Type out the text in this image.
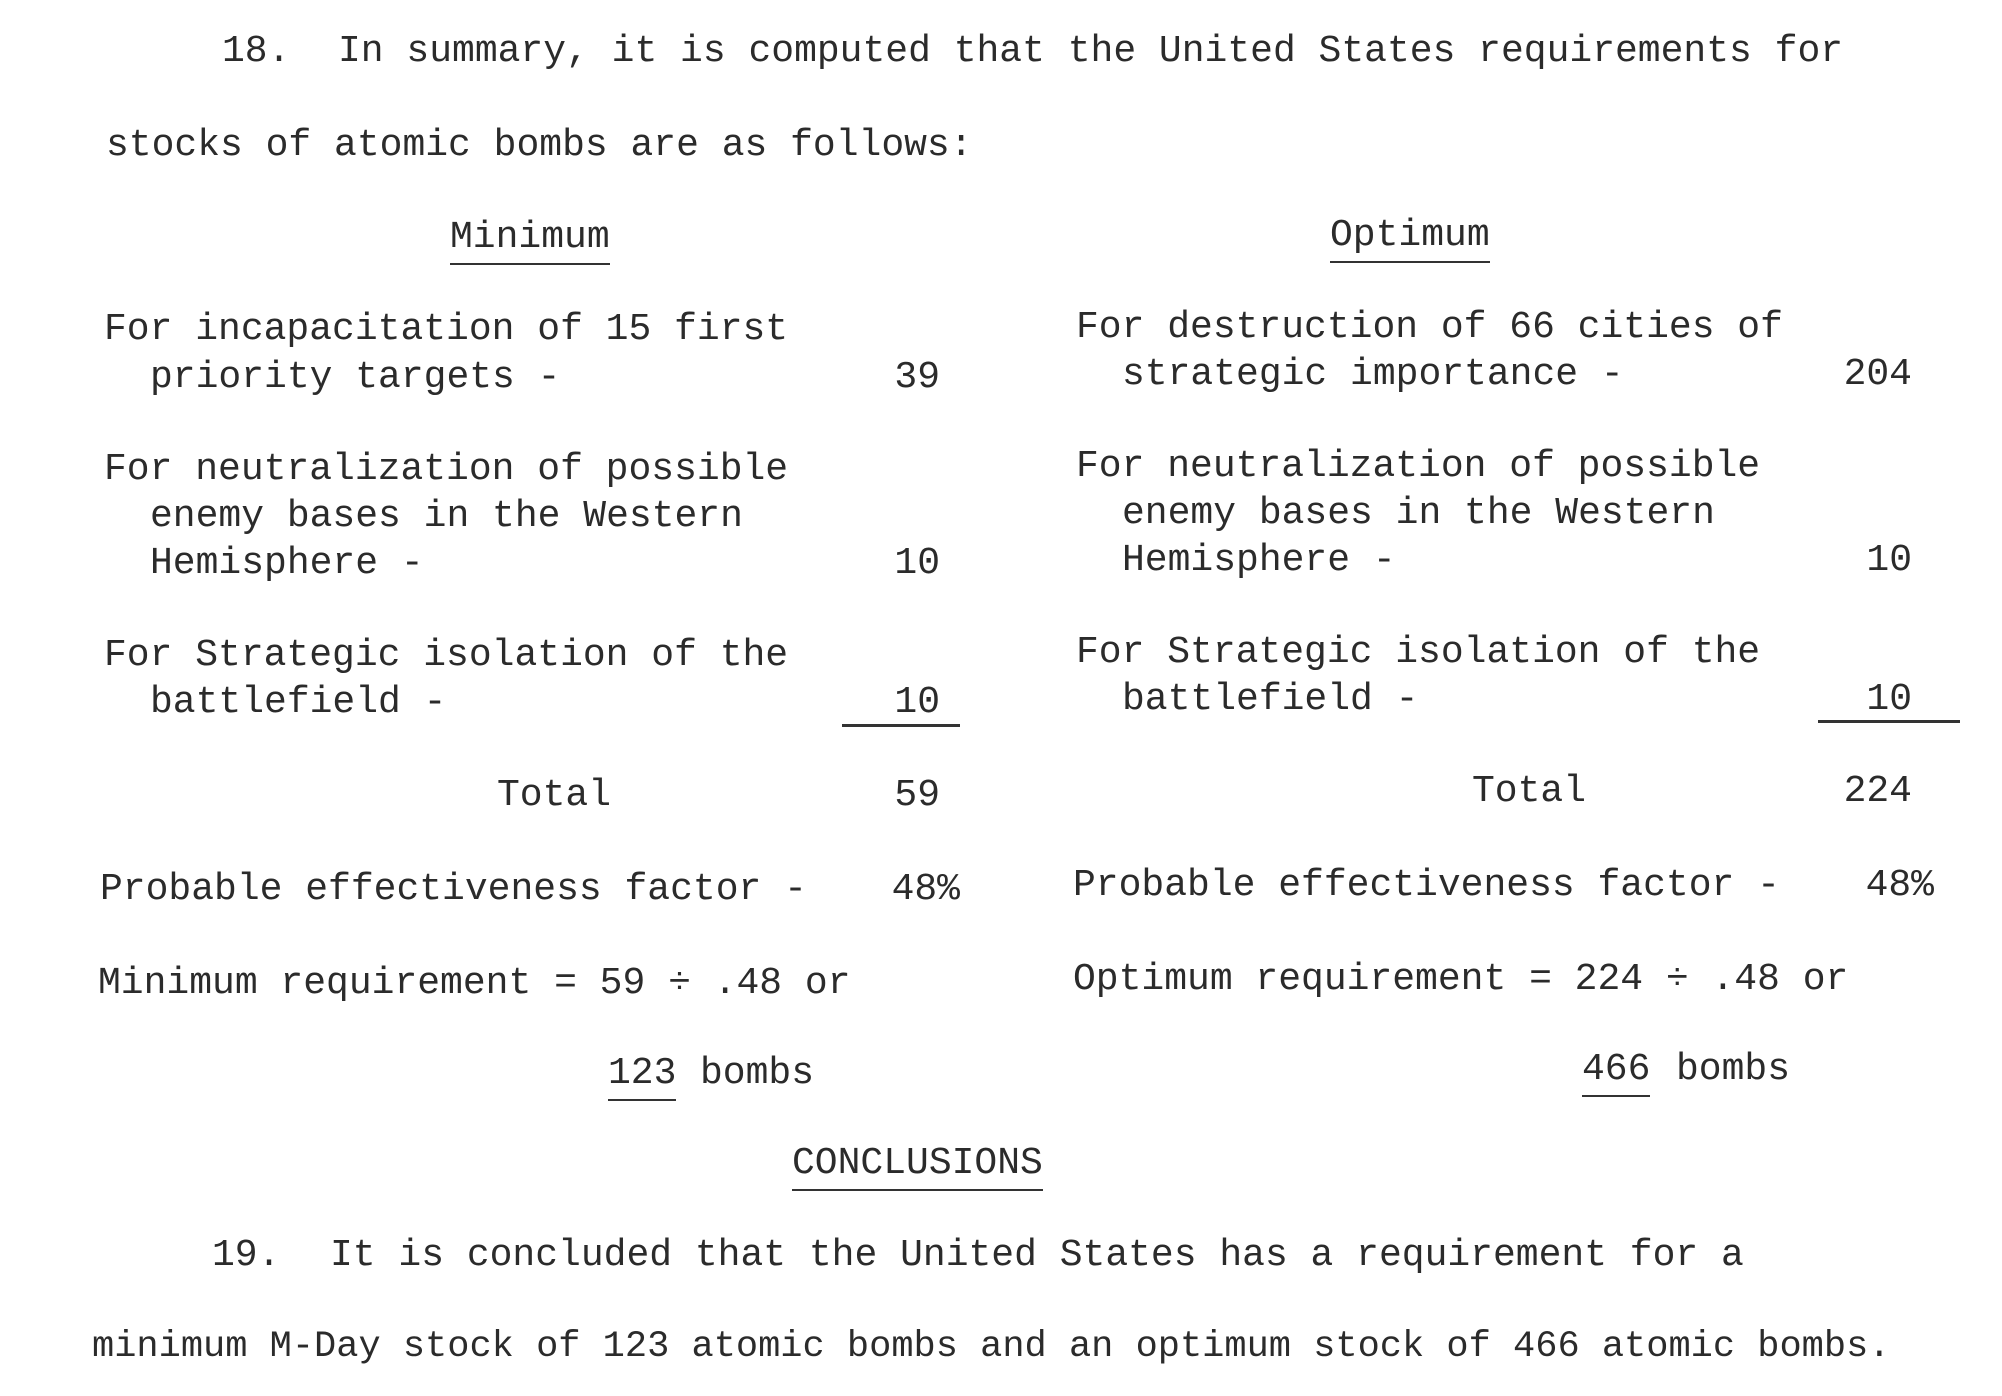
18. In summary, it is computed that the United States requirements for
stocks of atomic bombs are as follows:
Minimum
For incapacitation of 15 first
priority targets -	39
For neutralization of possible
enemy bases in the Western
Hemisphere -	10
For Strategic isolation of the
battlefield -	10
Total	59
Probable effectiveness factor -	48%
Minimum requirement = 59 ÷ .48 or
123 bombs
Optimum
For destruction of 66 cities of
strategic importance -	204
For neutralization of possible
enemy bases in the Western
Hemisphere -	10
For Strategic isolation of the
battlefield -	10
Total	224
Probable effectiveness factor -	48%
Optimum requirement = 224 ÷ .48 or
466 bombs
CONCLUSIONS
19. It is concluded that the United States has a requirement for a
minimum M-Day stock of 123 atomic bombs and an optimum stock of 466 atomic bombs.
